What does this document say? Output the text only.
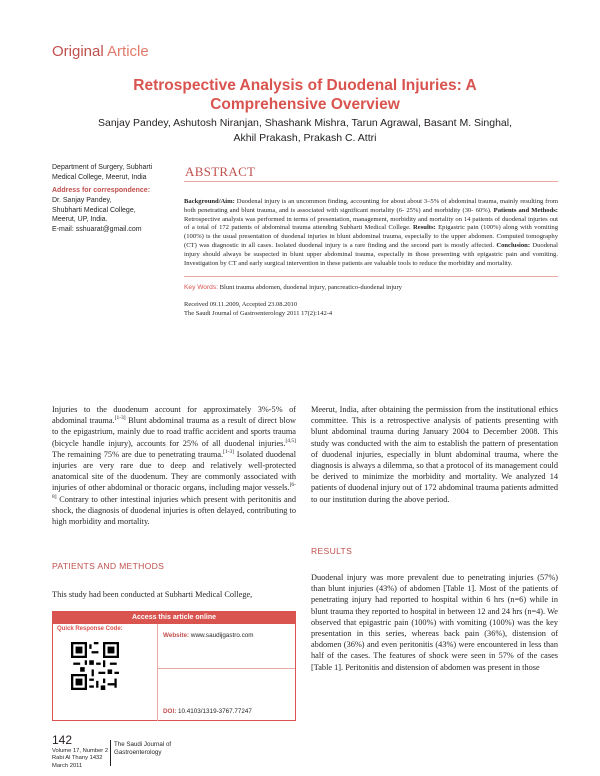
Original Article
Retrospective Analysis of Duodenal Injuries: A Comprehensive Overview
Sanjay Pandey, Ashutosh Niranjan, Shashank Mishra, Tarun Agrawal, Basant M. Singhal,
Akhil Prakash, Prakash C. Attri
Department of Surgery, Subharti Medical College, Meerut, India
Address for correspondence:
Dr. Sanjay Pandey,
Shubharti Medical College,
Meerut, UP, India.
E-mail: sshuarat@gmail.com
ABSTRACT
Background/Aim: Duodenal injury is an uncommon finding, accounting for about about 3–5% of abdominal trauma, mainly resulting from both penetrating and blunt trauma, and is associated with significant mortality (6- 25%) and morbidity (30- 60%). Patients and Methods: Retrospective analysis was performed in terms of presentation, management, morbidity and mortality on 14 patients of duodenal injuries out of a total of 172 patients of abdominal trauma attending Subharti Medical College. Results: Epigastric pain (100%) along with vomiting (100%) is the usual presentation of duodenal injuries in blunt abdominal trauma, especially to the upper abdomen. Computed tomography (CT) was diagnostic in all cases. Isolated duodenal injury is a rare finding and the second part is mostly affected. Conclusion: Duodenal injury should always be suspected in blunt upper abdominal trauma, especially in those presenting with epigastric pain and vomiting. Investigation by CT and early surgical intervention in these patients are valuable tools to reduce the morbidity and mortality.
Key Words: Blunt trauma abdomen, duodenal injury, pancreatico-duodenal injury
Received 09.11.2009, Accepted 23.08.2010
The Saudi Journal of Gastroenterology 2011 17(2):142-4
Injuries to the duodenum account for approximately 3%-5% of abdominal trauma.[1-3] Blunt abdominal trauma as a result of direct blow to the epigastrium, mainly due to road traffic accident and sports trauma (bicycle handle injury), accounts for 25% of all duodenal injuries.[4,5] The remaining 75% are due to penetrating trauma.[1-3] Isolated duodenal injuries are very rare due to deep and relatively well-protected anatomical site of the duodenum. They are commonly associated with injuries of other abdominal or thoracic organs, including major vessels.[6-8] Contrary to other intestinal injuries which present with peritonitis and shock, the diagnosis of duodenal injuries is often delayed, contributing to high morbidity and mortality.
PATIENTS AND METHODS
This study had been conducted at Subharti Medical College,
Meerut, India, after obtaining the permission from the institutional ethics committee. This is a retrospective analysis of patients presenting with blunt abdominal trauma during January 2004 to December 2008. This study was conducted with the aim to establish the pattern of presentation of duodenal injuries, especially in blunt abdominal trauma, where the diagnosis is always a dilemma, so that a protocol of its management could be derived to minimize the morbidity and mortality. We analyzed 14 patients of duodenal injury out of 172 abdominal trauma patients admitted to our institution during the above period.
RESULTS
Duodenal injury was more prevalent due to penetrating injuries (57%) than blunt injuries (43%) of abdomen [Table 1]. Most of the patients of penetrating injury had reported to hospital within 6 hrs (n=6) while in blunt trauma they reported to hospital in between 12 and 24 hrs (n=4). We observed that epigastric pain (100%) with vomiting (100%) was the key presentation in this series, whereas back pain (36%), distension of abdomen (36%) and even peritonitis (43%) were encountered in less than half of the cases. The features of shock were seen in 57% of the cases [Table 1]. Peritonitis and distension of abdomen was present in those
Access this article online
Quick Response Code:
Website: www.saudijgastro.com
DOI: 10.4103/1319-3767.77247
142
Volume 17, Number 2
Rabi Al Thany 1432
March 2011
The Saudi Journal of
Gastroenterology
